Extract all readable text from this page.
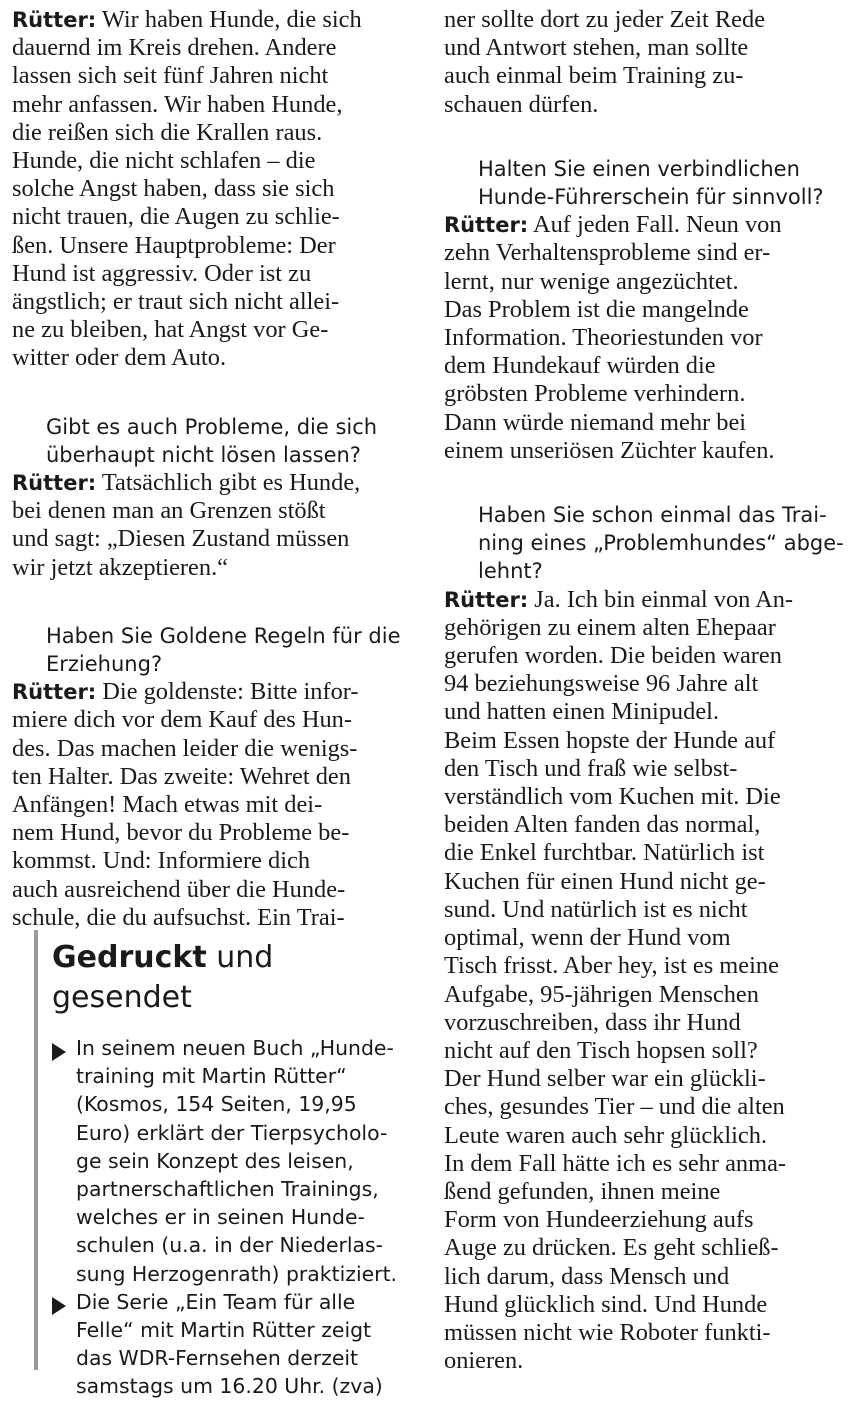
Rütter: Wir haben Hunde, die sich
dauernd im Kreis drehen. Andere
lassen sich seit fünf Jahren nicht
mehr anfassen. Wir haben Hunde,
die reißen sich die Krallen raus.
Hunde, die nicht schlafen – die
solche Angst haben, dass sie sich
nicht trauen, die Augen zu schlie-
ßen. Unsere Hauptprobleme: Der
Hund ist aggressiv. Oder ist zu
ängstlich; er traut sich nicht allei-
ne zu bleiben, hat Angst vor Ge-
witter oder dem Auto.
Gibt es auch Probleme, die sich
überhaupt nicht lösen lassen?
Rütter: Tatsächlich gibt es Hunde,
bei denen man an Grenzen stößt
und sagt: „Diesen Zustand müssen
wir jetzt akzeptieren.“
Haben Sie Goldene Regeln für die
Erziehung?
Rütter: Die goldenste: Bitte infor-
miere dich vor dem Kauf des Hun-
des. Das machen leider die wenigs-
ten Halter. Das zweite: Wehret den
Anfängen! Mach etwas mit dei-
nem Hund, bevor du Probleme be-
kommst. Und: Informiere dich
auch ausreichend über die Hunde-
schule, die du aufsuchst. Ein Trai-
Gedruckt und gesendet
In seinem neuen Buch „Hunde-
training mit Martin Rütter“
(Kosmos, 154 Seiten, 19,95
Euro) erklärt der Tierpsycholo-
ge sein Konzept des leisen,
partnerschaftlichen Trainings,
welches er in seinen Hunde-
schulen (u.a. in der Niederlas-
sung Herzogenrath) praktiziert.
Die Serie „Ein Team für alle
Felle“ mit Martin Rütter zeigt
das WDR-Fernsehen derzeit
samstags um 16.20 Uhr. (zva)
ner sollte dort zu jeder Zeit Rede
und Antwort stehen, man sollte
auch einmal beim Training zu-
schauen dürfen.
Halten Sie einen verbindlichen
Hunde-Führerschein für sinnvoll?
Rütter: Auf jeden Fall. Neun von
zehn Verhaltensprobleme sind er-
lernt, nur wenige angezüchtet.
Das Problem ist die mangelnde
Information. Theoriestunden vor
dem Hundekauf würden die
gröbsten Probleme verhindern.
Dann würde niemand mehr bei
einem unseriösen Züchter kaufen.
Haben Sie schon einmal das Trai-
ning eines „Problemhundes“ abge-
lehnt?
Rütter: Ja. Ich bin einmal von An-
gehörigen zu einem alten Ehepaar
gerufen worden. Die beiden waren
94 beziehungsweise 96 Jahre alt
und hatten einen Minipudel.
Beim Essen hopste der Hunde auf
den Tisch und fraß wie selbst-
verständlich vom Kuchen mit. Die
beiden Alten fanden das normal,
die Enkel furchtbar. Natürlich ist
Kuchen für einen Hund nicht ge-
sund. Und natürlich ist es nicht
optimal, wenn der Hund vom
Tisch frisst. Aber hey, ist es meine
Aufgabe, 95-jährigen Menschen
vorzuschreiben, dass ihr Hund
nicht auf den Tisch hopsen soll?
Der Hund selber war ein glückli-
ches, gesundes Tier – und die alten
Leute waren auch sehr glücklich.
In dem Fall hätte ich es sehr anma-
ßend gefunden, ihnen meine
Form von Hundeerziehung aufs
Auge zu drücken. Es geht schließ-
lich darum, dass Mensch und
Hund glücklich sind. Und Hunde
müssen nicht wie Roboter funkti-
onieren.
